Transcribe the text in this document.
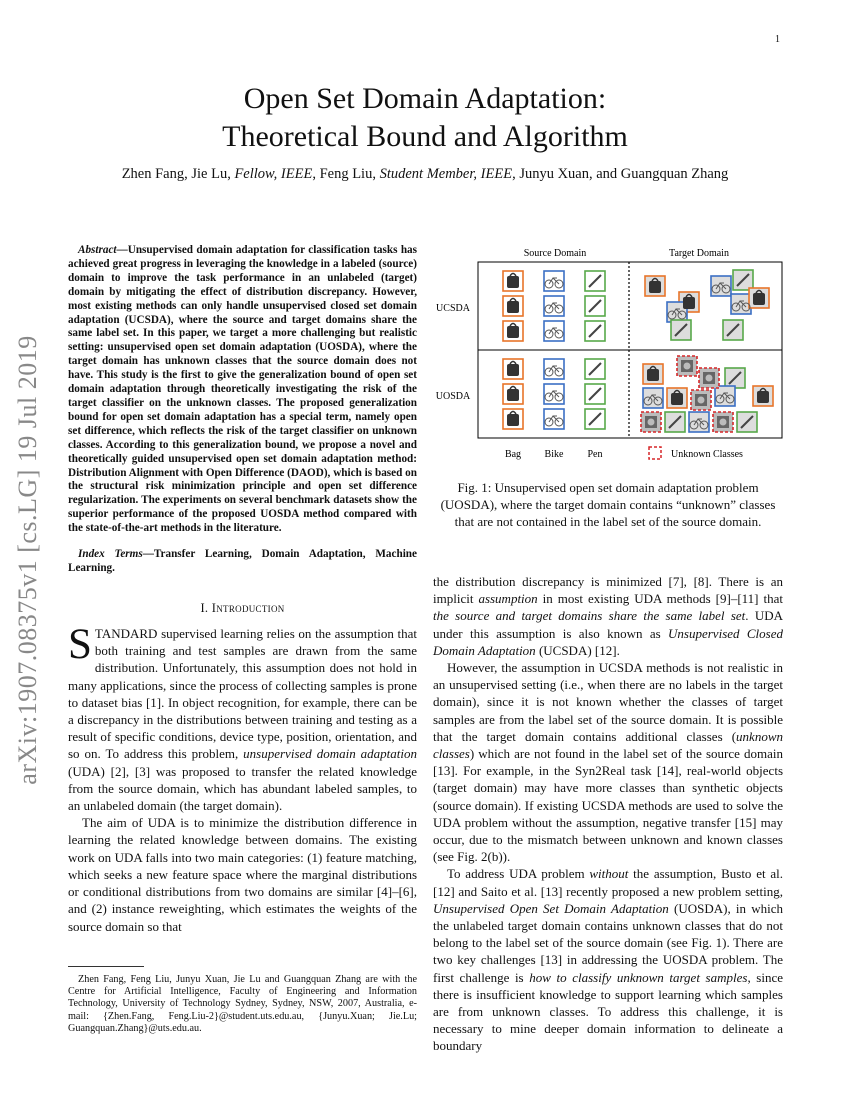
1
arXiv:1907.08375v1 [cs.LG] 19 Jul 2019
Open Set Domain Adaptation:
Theoretical Bound and Algorithm
Zhen Fang, Jie Lu, Fellow, IEEE, Feng Liu, Student Member, IEEE, Junyu Xuan, and Guangquan Zhang

Abstract—Unsupervised domain adaptation for classification tasks has achieved great progress in leveraging the knowledge in a labeled (source) domain to improve the task performance in an unlabeled (target) domain by mitigating the effect of distribution discrepancy. However, most existing methods can only handle unsupervised closed set domain adaptation (UCSDA), where the source and target domains share the same label set. In this paper, we target a more challenging but realistic setting: unsupervised open set domain adaptation (UOSDA), where the target domain has unknown classes that the source domain does not have. This study is the first to give the generalization bound of open set domain adaptation through theoretically investigating the risk of the target classifier on the unknown classes. The proposed generalization bound for open set domain adaptation has a special term, namely open set difference, which reflects the risk of the target classifier on unknown classes. According to this generalization bound, we propose a novel and theoretically guided unsupervised open set domain adaptation method: Distribution Alignment with Open Difference (DAOD), which is based on the structural risk minimization principle and open set difference regularization. The experiments on several benchmark datasets show the superior performance of the proposed UOSDA method compared with the state-of-the-art methods in the literature.

Index Terms—Transfer Learning, Domain Adaptation, Machine Learning.

I. Introduction

STANDARD supervised learning relies on the assumption that both training and test samples are drawn from the same distribution. Unfortunately, this assumption does not hold in many applications, since the process of collecting samples is prone to dataset bias [1]. In object recognition, for example, there can be a discrepancy in the distributions between training and testing as a result of specific conditions, device type, position, orientation, and so on. To address this problem, unsupervised domain adaptation (UDA) [2], [3] was proposed to transfer the related knowledge from the source domain, which has abundant labeled samples, to an unlabeled domain (the target domain).

The aim of UDA is to minimize the distribution difference in learning the related knowledge between domains. The existing work on UDA falls into two main categories: (1) feature matching, which seeks a new feature space where the marginal distributions or conditional distributions from two domains are similar [4]–[6], and (2) instance reweighting, which estimates the weights of the source domain so that

Zhen Fang, Feng Liu, Junyu Xuan, Jie Lu and Guangquan Zhang are with the Centre for Artificial Intelligence, Faculty of Engineering and Information Technology, University of Technology Sydney, Sydney, NSW, 2007, Australia, e-mail: {Zhen.Fang, Feng.Liu-2}@student.uts.edu.au, {Junyu.Xuan; Jie.Lu; Guangquan.Zhang}@uts.edu.au.

Source Domain	Target Domain
UCSDA
UOSDA
Bag Bike Pen	Unknown Classes

Fig. 1: Unsupervised open set domain adaptation problem (UOSDA), where the target domain contains “unknown” classes that are not contained in the label set of the source domain.

the distribution discrepancy is minimized [7], [8]. There is an implicit assumption in most existing UDA methods [9]–[11] that the source and target domains share the same label set. UDA under this assumption is also known as Unsupervised Closed Domain Adaptation (UCSDA) [12].

However, the assumption in UCSDA methods is not realistic in an unsupervised setting (i.e., when there are no labels in the target domain), since it is not known whether the classes of target samples are from the label set of the source domain. It is possible that the target domain contains additional classes (unknown classes) which are not found in the label set of the source domain [13]. For example, in the Syn2Real task [14], real-world objects (target domain) may have more classes than synthetic objects (source domain). If existing UCSDA methods are used to solve the UDA problem without the assumption, negative transfer [15] may occur, due to the mismatch between unknown and known classes (see Fig. 2(b)).

To address UDA problem without the assumption, Busto et al. [12] and Saito et al. [13] recently proposed a new problem setting, Unsupervised Open Set Domain Adaptation (UOSDA), in which the unlabeled target domain contains unknown classes that do not belong to the label set of the source domain (see Fig. 1). There are two key challenges [13] in addressing the UOSDA problem. The first challenge is how to classify unknown target samples, since there is insufficient knowledge to support learning which samples are from unknown classes. To address this challenge, it is necessary to mine deeper domain information to delineate a boundary
